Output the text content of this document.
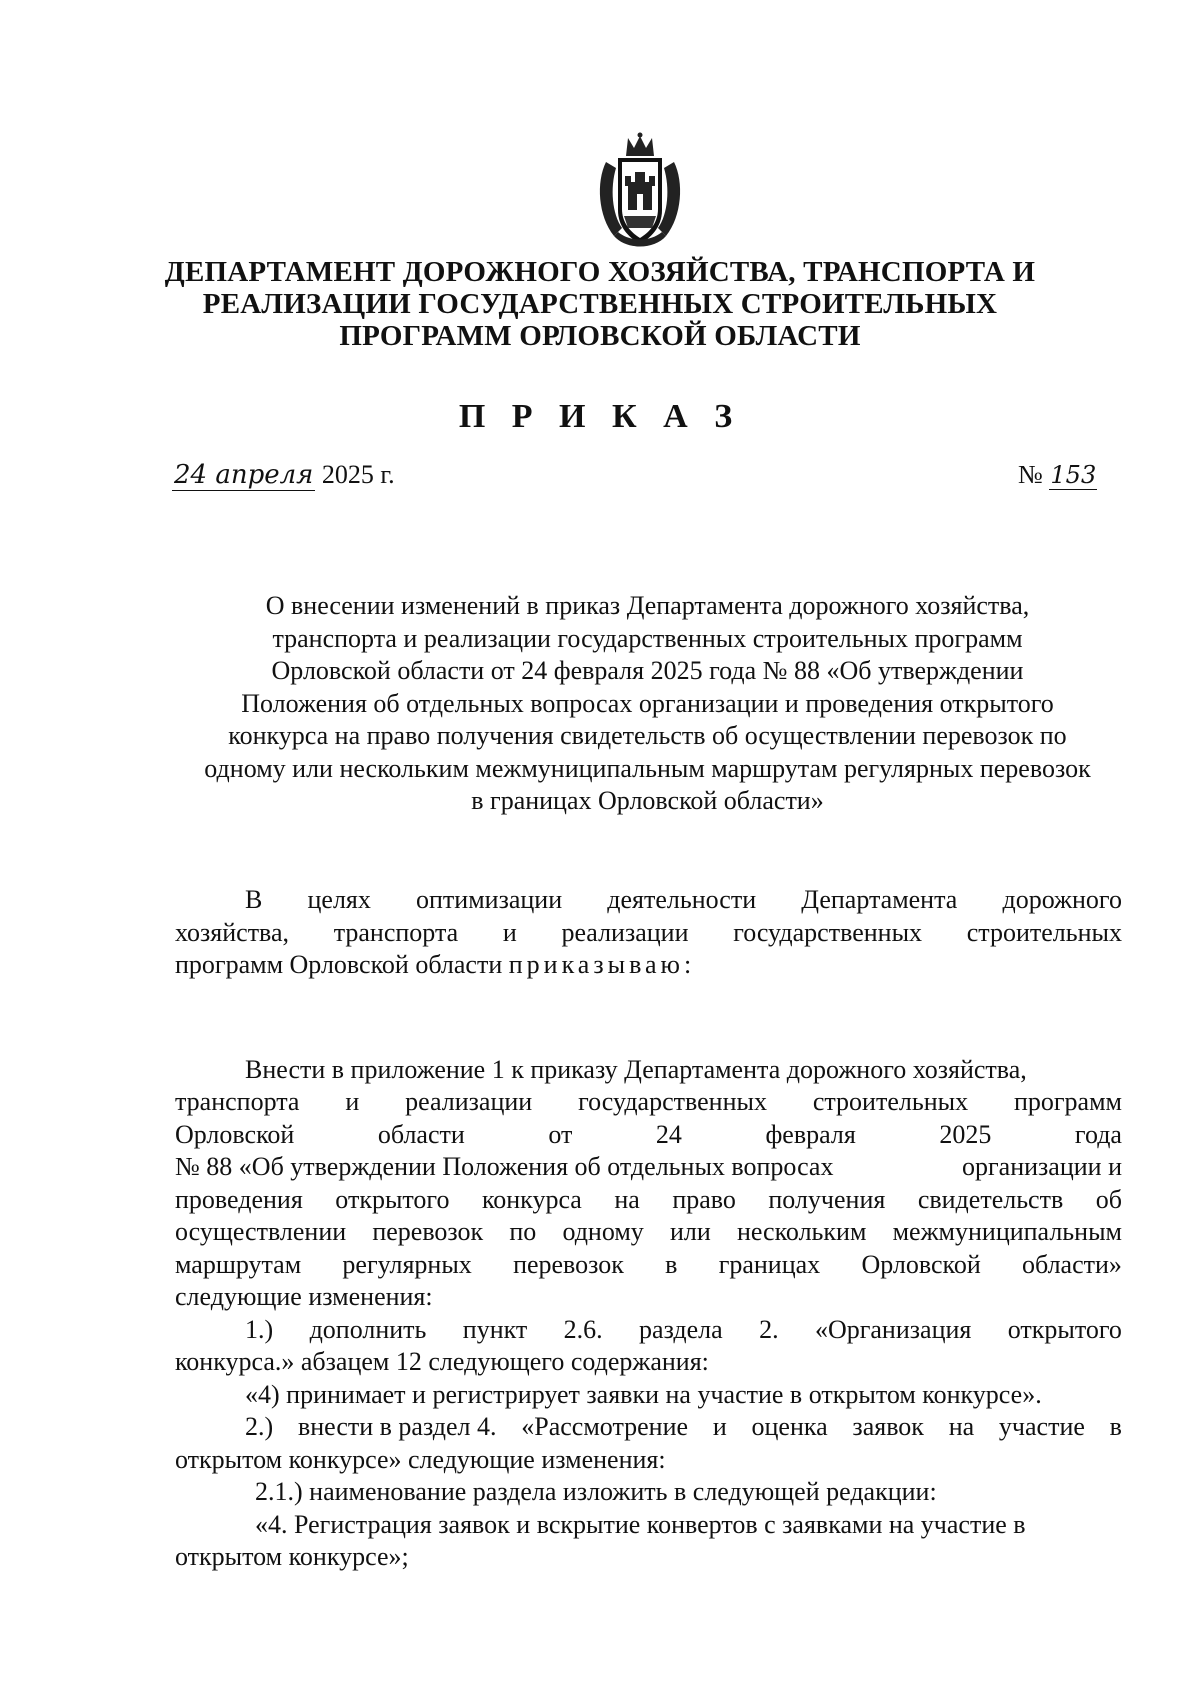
ДЕПАРТАМЕНТ ДОРОЖНОГО ХОЗЯЙСТВА, ТРАНСПОРТА И
РЕАЛИЗАЦИИ ГОСУДАРСТВЕННЫХ СТРОИТЕЛЬНЫХ
ПРОГРАММ ОРЛОВСКОЙ ОБЛАСТИ
П Р И К А З
24 апреля 2025 г.	№ 153
О внесении изменений в приказ Департамента дорожного хозяйства,
транспорта и реализации государственных строительных программ
Орловской области от 24 февраля 2025 года № 88 «Об утверждении
Положения об отдельных вопросах организации и проведения открытого
конкурса на право получения свидетельств об осуществлении перевозок по
одному или нескольким межмуниципальным маршрутам регулярных перевозок
в границах Орловской области»
В целях оптимизации деятельности Департамента дорожного
хозяйства, транспорта и реализации государственных строительных
программ Орловской области приказываю:
Внести в приложение 1 к приказу Департамента дорожного хозяйства,
транспорта и реализации государственных строительных программ
Орловской	области	от	24	февраля	2025	года
№ 88 «Об утверждении Положения об отдельных вопросах	организации и
проведения открытого конкурса на право получения свидетельств об
осуществлении перевозок по одному или нескольким межмуниципальным
маршрутам регулярных перевозок в границах Орловской области»
следующие изменения:
1.) дополнить пункт 2.6. раздела 2. «Организация открытого
конкурса.» абзацем 12 следующего содержания:
«4) принимает и регистрирует заявки на участие в открытом конкурсе».
2.) внести в раздел 4. «Рассмотрение и оценка заявок на участие в
открытом конкурсе» следующие изменения:
2.1.) наименование раздела изложить в следующей редакции:
«4. Регистрация заявок и вскрытие конвертов с заявками на участие в
открытом конкурсе»;
